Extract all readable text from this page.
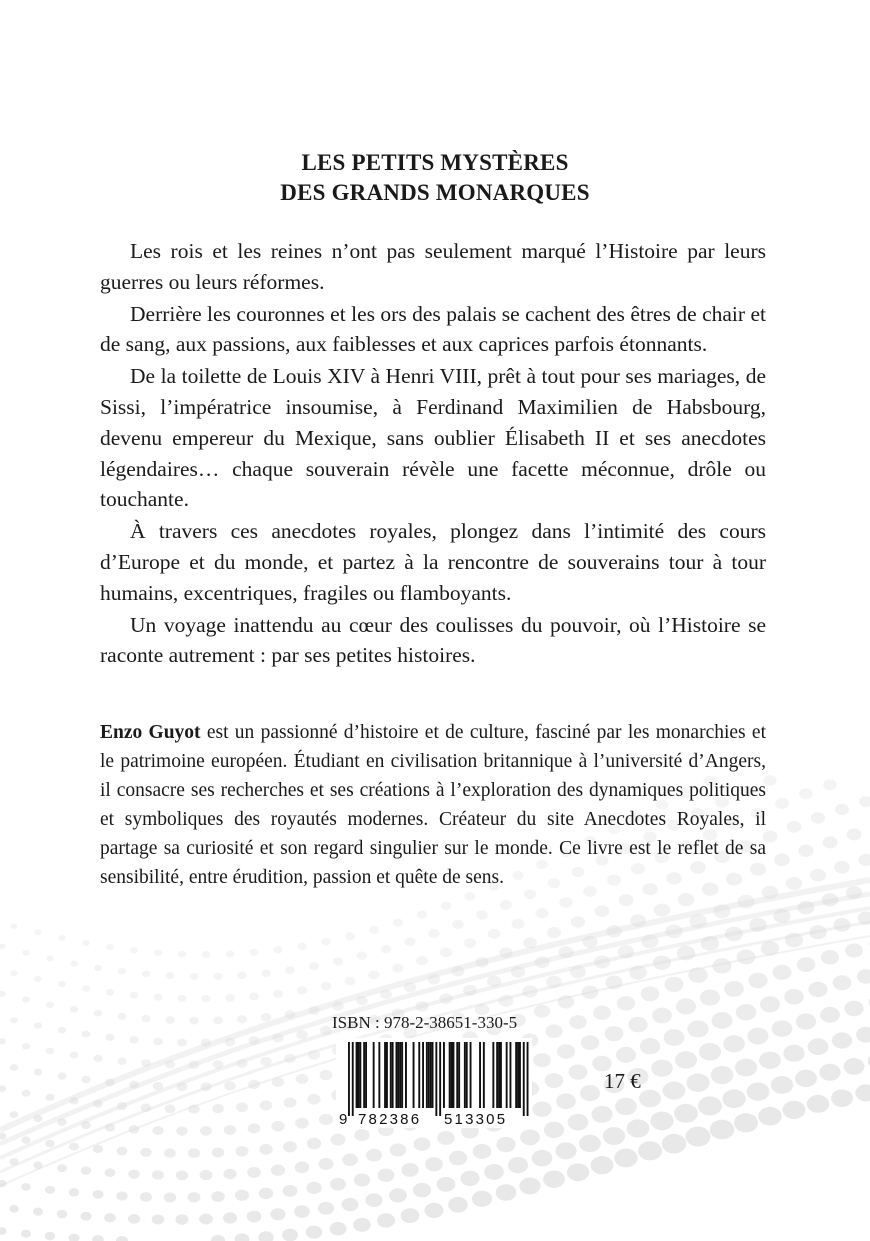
LES PETITS MYSTÈRES
DES GRANDS MONARQUES

Les rois et les reines n’ont pas seulement marqué l’Histoire par leurs guerres ou leurs réformes.

Derrière les couronnes et les ors des palais se cachent des êtres de chair et de sang, aux passions, aux faiblesses et aux caprices parfois étonnants.

De la toilette de Louis XIV à Henri VIII, prêt à tout pour ses mariages, de Sissi, l’impératrice insoumise, à Ferdinand Maximilien de Habsbourg, devenu empereur du Mexique, sans oublier Élisabeth II et ses anecdotes légendaires… chaque souverain révèle une facette méconnue, drôle ou touchante.

À travers ces anecdotes royales, plongez dans l’intimité des cours d’Europe et du monde, et partez à la rencontre de souverains tour à tour humains, excentriques, fragiles ou flamboyants.

Un voyage inattendu au cœur des coulisses du pouvoir, où l’Histoire se raconte autrement : par ses petites histoires.

Enzo Guyot est un passionné d’histoire et de culture, fasciné par les monarchies et le patrimoine européen. Étudiant en civilisation britannique à l’université d’Angers, il consacre ses recherches et ses créations à l’exploration des dynamiques politiques et symboliques des royautés modernes. Créateur du site Anecdotes Royales, il partage sa curiosité et son regard singulier sur le monde. Ce livre est le reflet de sa sensibilité, entre érudition, passion et quête de sens.

ISBN : 978-2-38651-330-5
9 782386 513305
17 €
